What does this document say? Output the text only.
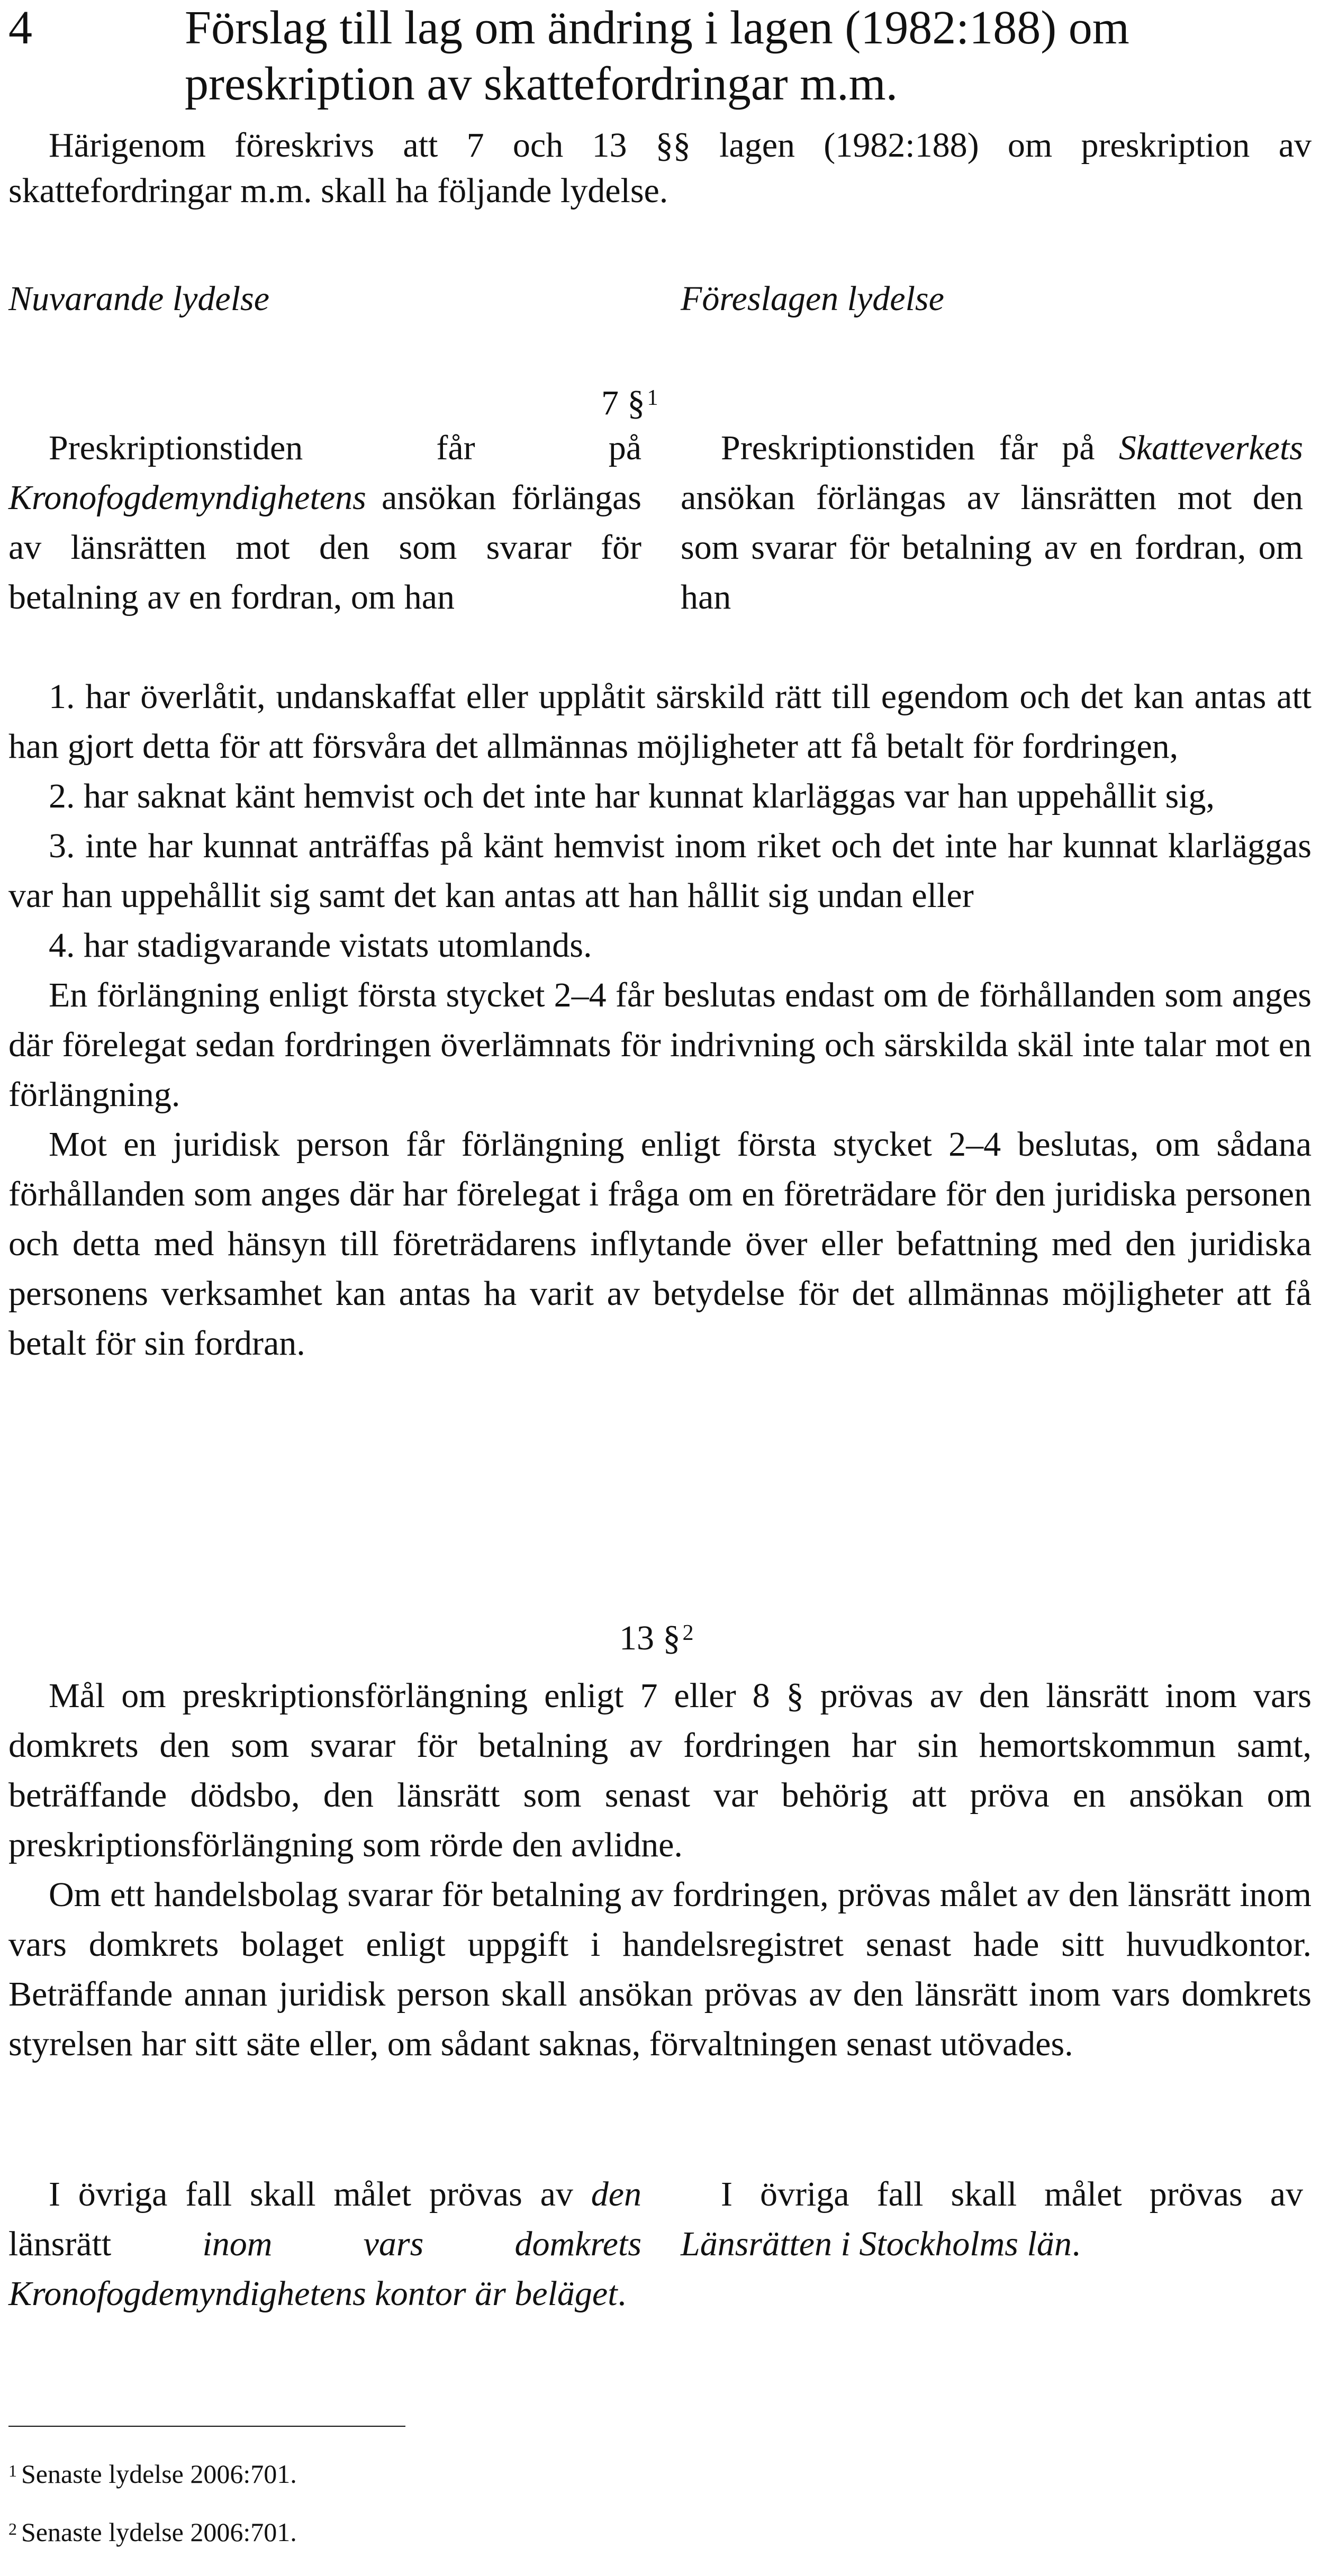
4	Förslag till lag om ändring i lagen (1982:188) om preskription av skattefordringar m.m.

Härigenom föreskrivs att 7 och 13 §§ lagen (1982:188) om preskription av skattefordringar m.m. skall ha följande lydelse.

Nuvarande lydelse	Föreslagen lydelse
7 §$^1$

Preskriptionstiden får på Kronofogdemyndighetens ansökan förlängas av länsrätten mot den som svarar för betalning av en fordran, om han

Preskriptionstiden får på Skatteverkets ansökan förlängas av länsrätten mot den som svarar för betalning av en fordran, om han

1. har överlåtit, undanskaffat eller upplåtit särskild rätt till egendom och det kan antas att han gjort detta för att försvåra det allmännas möjligheter att få betalt för fordringen,

2. har saknat känt hemvist och det inte har kunnat klarläggas var han uppehållit sig,

3. inte har kunnat anträffas på känt hemvist inom riket och det inte har kunnat klarläggas var han uppehållit sig samt det kan antas att han hållit sig undan eller

4. har stadigvarande vistats utomlands.

En förlängning enligt första stycket 2–4 får beslutas endast om de förhållanden som anges där förelegat sedan fordringen överlämnats för indrivning och särskilda skäl inte talar mot en förlängning.

Mot en juridisk person får förlängning enligt första stycket 2–4 beslutas, om sådana förhållanden som anges där har förelegat i fråga om en företrädare för den juridiska personen och detta med hänsyn till företrädarens inflytande över eller befattning med den juridiska personens verksamhet kan antas ha varit av betydelse för det allmännas möjligheter att få betalt för sin fordran.

13 §$^2$

Mål om preskriptionsförlängning enligt 7 eller 8 § prövas av den länsrätt inom vars domkrets den som svarar för betalning av fordringen har sin hemortskommun samt, beträffande dödsbo, den länsrätt som senast var behörig att pröva en ansökan om preskriptionsförlängning som rörde den avlidne.

Om ett handelsbolag svarar för betalning av fordringen, prövas målet av den länsrätt inom vars domkrets bolaget enligt uppgift i handelsregistret senast hade sitt huvudkontor. Beträffande annan juridisk person skall ansökan prövas av den länsrätt inom vars domkrets styrelsen har sitt säte eller, om sådant saknas, förvaltningen senast utövades.

I övriga fall skall målet prövas av den länsrätt inom vars domkrets Kronofogdemyndighetens kontor är beläget.

I övriga fall skall målet prövas av Länsrätten i Stockholms län.

$^1$ Senaste lydelse 2006:701.
$^2$ Senaste lydelse 2006:701.
